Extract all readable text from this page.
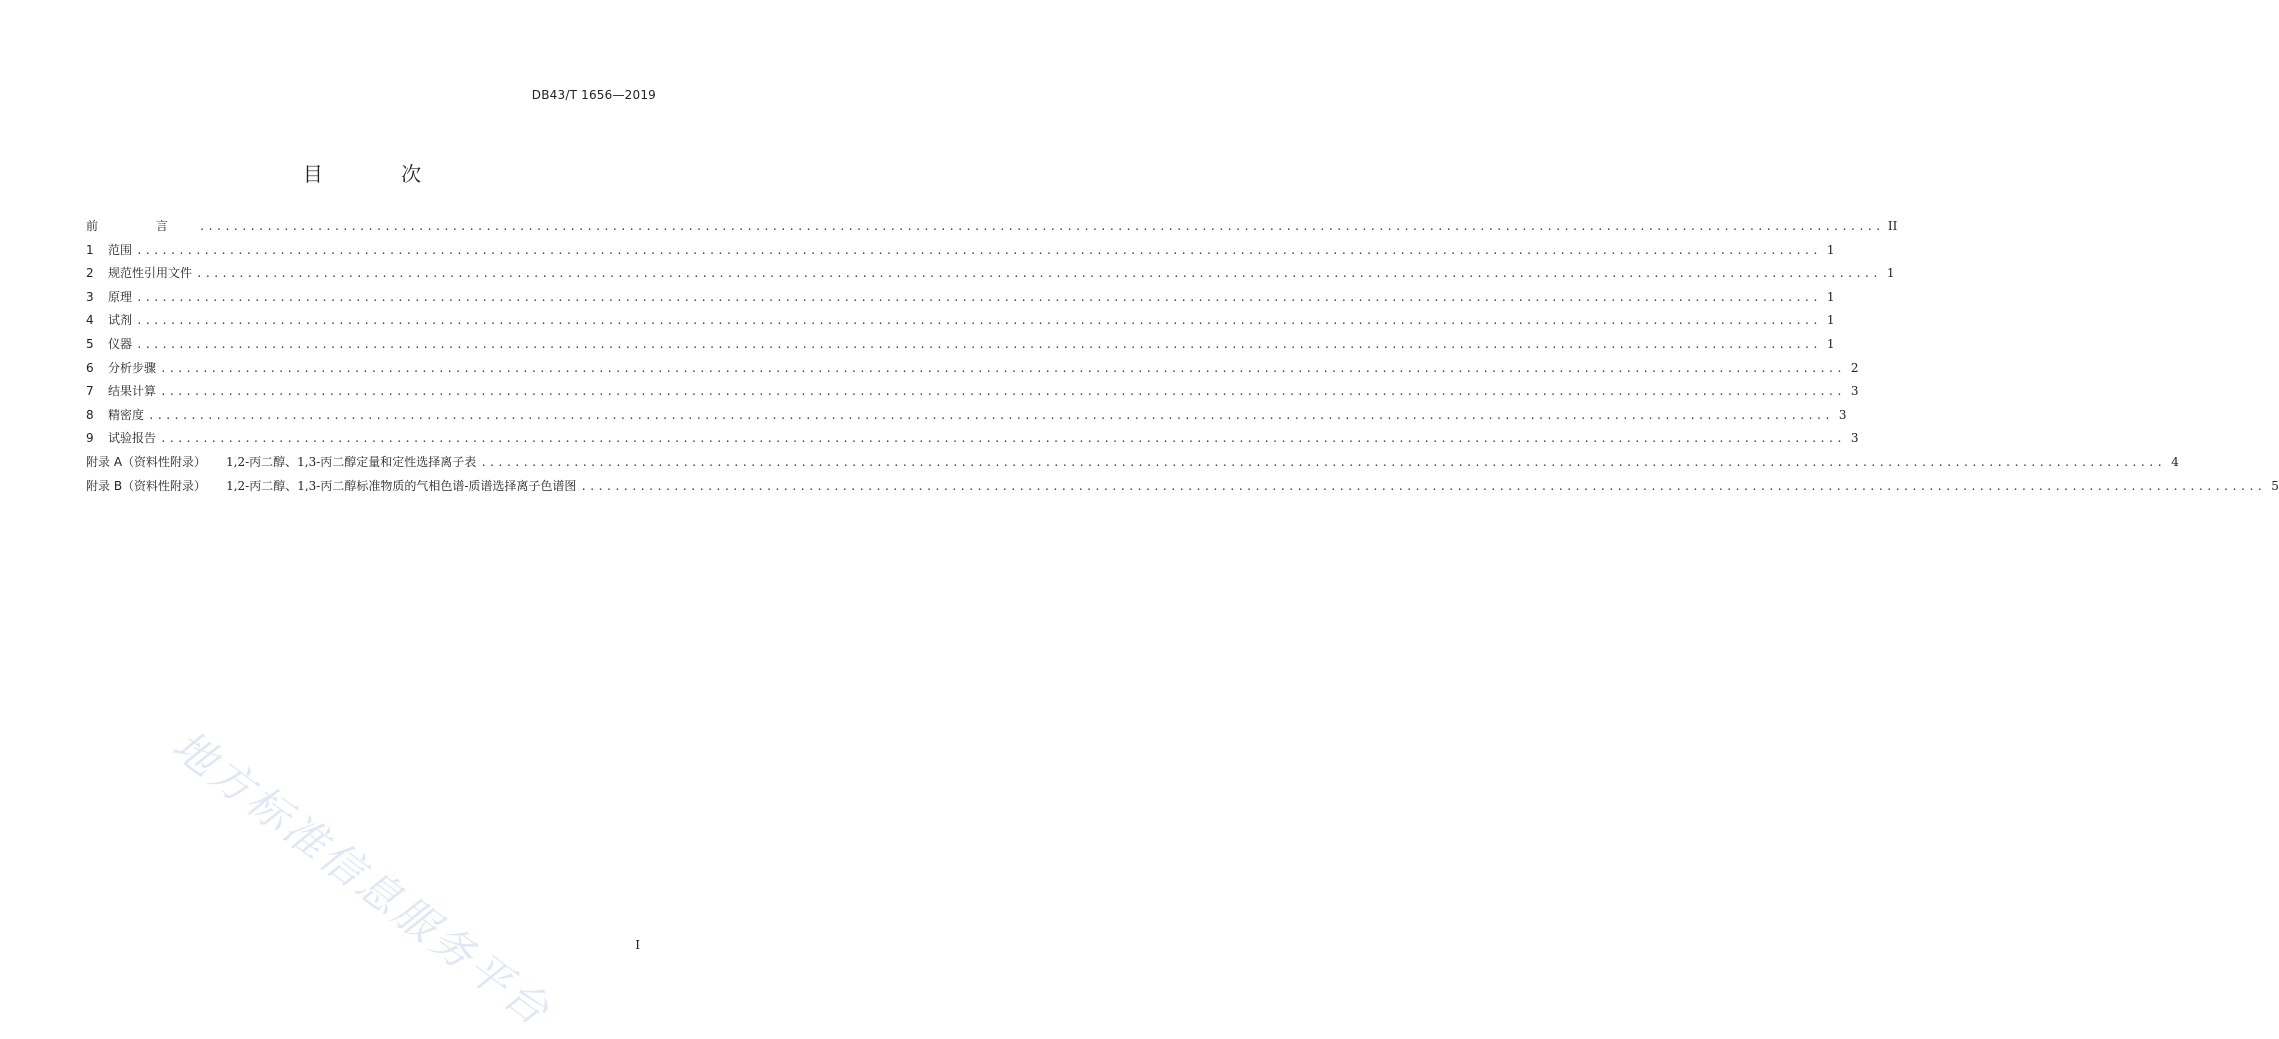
DB43/T 1656—2019
目 次
前 言 ........................................................................................................................................................................................................ II
1	范围 ........................................................................................................................................................................................................ 1
2	规范性引用文件 ........................................................................................................................................................................................................ 1
3	原理 ........................................................................................................................................................................................................ 1
4	试剂 ........................................................................................................................................................................................................ 1
5	仪器 ........................................................................................................................................................................................................ 1
6	分析步骤 ........................................................................................................................................................................................................ 2
7	结果计算 ........................................................................................................................................................................................................ 3
8	精密度 ........................................................................................................................................................................................................ 3
9	试验报告 ........................................................................................................................................................................................................ 3
附录 A（资料性附录） 1,2-丙二醇、1,3-丙二醇定量和定性选择离子表 ........................................................................................................................................................................................................ 4
附录 B（资料性附录） 1,2-丙二醇、1,3-丙二醇标准物质的气相色谱-质谱选择离子色谱图 ........................................................................................................................................................................................................ 5
地方标准信息服务平台	I
